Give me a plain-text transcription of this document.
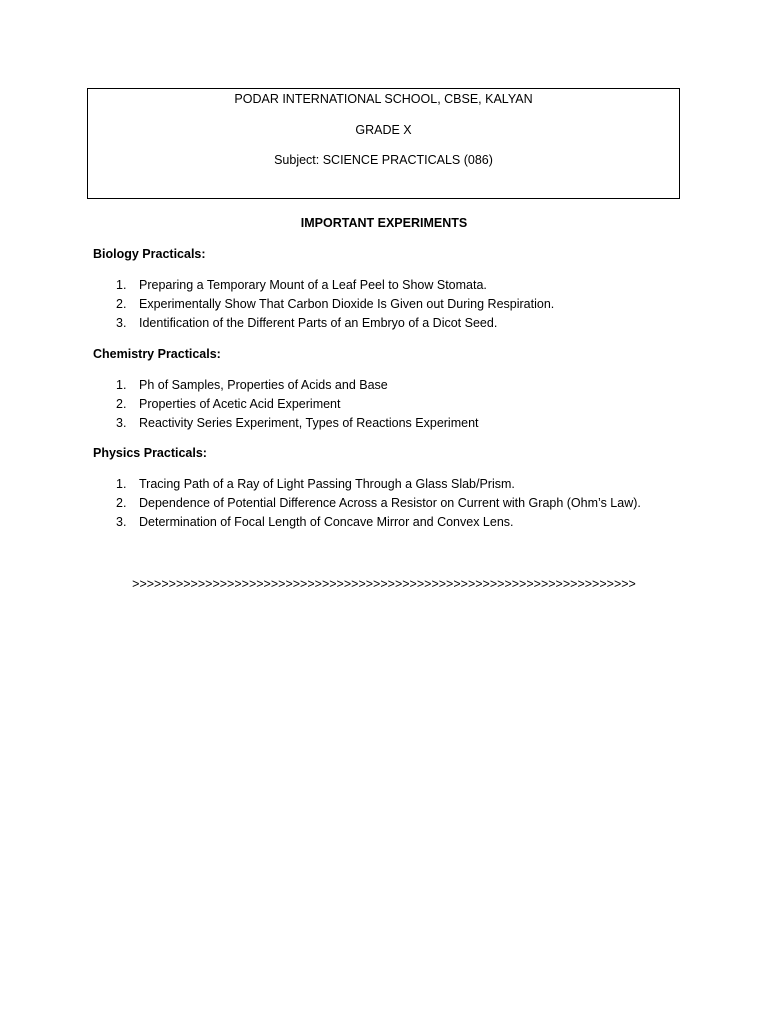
PODAR INTERNATIONAL SCHOOL, CBSE, KALYAN
GRADE X
Subject: SCIENCE PRACTICALS (086)
IMPORTANT EXPERIMENTS
Biology Practicals:
1. Preparing a Temporary Mount of a Leaf Peel to Show Stomata.
2. Experimentally Show That Carbon Dioxide Is Given out During Respiration.
3. Identification of the Different Parts of an Embryo of a Dicot Seed.
Chemistry Practicals:
1. Ph of Samples, Properties of Acids and Base
2. Properties of Acetic Acid Experiment
3. Reactivity Series Experiment, Types of Reactions Experiment
Physics Practicals:
1. Tracing Path of a Ray of Light Passing Through a Glass Slab/Prism.
2. Dependence of Potential Difference Across a Resistor on Current with Graph (Ohm’s Law).
3. Determination of Focal Length of Concave Mirror and Convex Lens.
>>>>>>>>>>>>>>>>>>>>>>>>>>>>>>>>>>>>>>>>>>>>>>>>>>>>>>>>>>>>>>>>>>>>>
